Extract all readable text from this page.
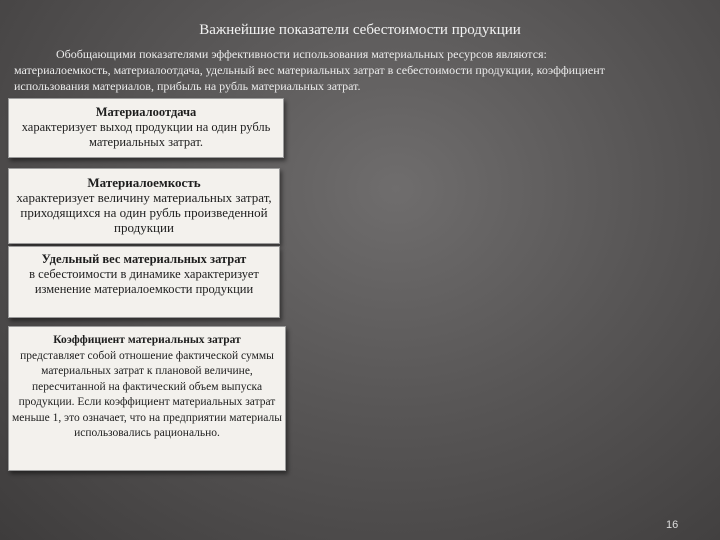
Важнейшие показатели себестоимости продукции
Обобщающими показателями эффективности использования материальных ресурсов являются:
материалоемкость, материалоотдача, удельный вес материальных затрат в себестоимости продукции, коэффициент использования материалов, прибыль на рубль материальных затрат.
Материалоотдача
характеризует выход продукции на один рубль материальных затрат.
Материалоемкость
характеризует величину материальных затрат, приходящихся на один рубль произведенной продукции
Удельный вес материальных затрат
в себестоимости в динамике характеризует изменение материалоемкости продукции
Коэффициент материальных затрат
представляет собой отношение фактической суммы материальных затрат к плановой величине, пересчитанной на фактический объем выпуска продукции. Если коэффициент материальных затрат меньше 1, это означает, что на предприятии материалы использовались рационально.
16
